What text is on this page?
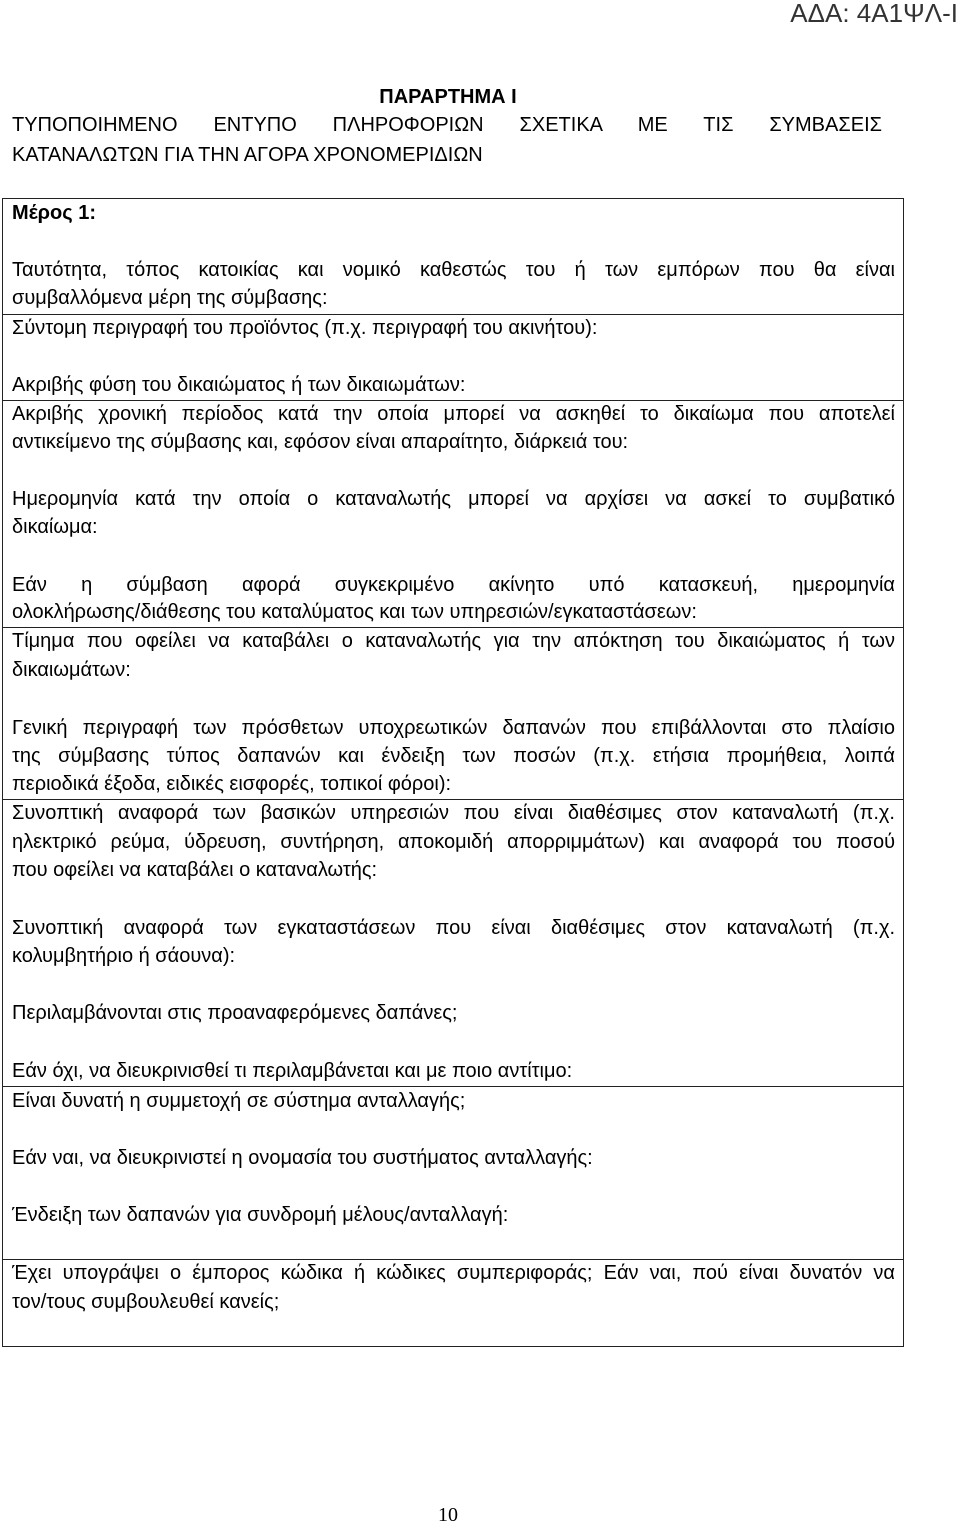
ΑΔΑ: 4Α1ΨΛ-Ι
ΠΑΡΑΡΤΗΜΑ Ι
ΤΥΠΟΠΟΙΗΜΕΝΟ ΕΝΤΥΠΟ ΠΛΗΡΟΦΟΡΙΩΝ ΣΧΕΤΙΚΑ ΜΕ ΤΙΣ ΣΥΜΒΑΣΕΙΣ
ΚΑΤΑΝΑΛΩΤΩΝ ΓΙΑ ΤΗΝ ΑΓΟΡΑ ΧΡΟΝΟΜΕΡΙΔΙΩΝ
Μέρος 1:
Ταυτότητα, τόπος κατοικίας και νομικό καθεστώς του ή των εμπόρων που θα είναι
συμβαλλόμενα μέρη της σύμβασης:
Σύντομη περιγραφή του προϊόντος (π.χ. περιγραφή του ακινήτου):
Ακριβής φύση του δικαιώματος ή των δικαιωμάτων:
Ακριβής χρονική περίοδος κατά την οποία μπορεί να ασκηθεί το δικαίωμα που αποτελεί
αντικείμενο της σύμβασης και, εφόσον είναι απαραίτητο, διάρκειά του:
Ημερομηνία κατά την οποία ο καταναλωτής μπορεί να αρχίσει να ασκεί το συμβατικό
δικαίωμα:
Εάν η σύμβαση αφορά συγκεκριμένο ακίνητο υπό κατασκευή, ημερομηνία
ολοκλήρωσης/διάθεσης του καταλύματος και των υπηρεσιών/εγκαταστάσεων:
Τίμημα που οφείλει να καταβάλει ο καταναλωτής για την απόκτηση του δικαιώματος ή των
δικαιωμάτων:
Γενική περιγραφή των πρόσθετων υποχρεωτικών δαπανών που επιβάλλονται στο πλαίσιο
της σύμβασης τύπος δαπανών και ένδειξη των ποσών (π.χ. ετήσια προμήθεια, λοιπά
περιοδικά έξοδα, ειδικές εισφορές, τοπικοί φόροι):
Συνοπτική αναφορά των βασικών υπηρεσιών που είναι διαθέσιμες στον καταναλωτή (π.χ.
ηλεκτρικό ρεύμα, ύδρευση, συντήρηση, αποκομιδή απορριμμάτων) και αναφορά του ποσού
που οφείλει να καταβάλει ο καταναλωτής:
Συνοπτική αναφορά των εγκαταστάσεων που είναι διαθέσιμες στον καταναλωτή (π.χ.
κολυμβητήριο ή σάουνα):
Περιλαμβάνονται στις προαναφερόμενες δαπάνες;
Εάν όχι, να διευκρινισθεί τι περιλαμβάνεται και με ποιο αντίτιμο:
Είναι δυνατή η συμμετοχή σε σύστημα ανταλλαγής;
Εάν ναι, να διευκρινιστεί η ονομασία του συστήματος ανταλλαγής:
Ένδειξη των δαπανών για συνδρομή μέλους/ανταλλαγή:
Έχει υπογράψει ο έμπορος κώδικα ή κώδικες συμπεριφοράς; Εάν ναι, πού είναι δυνατόν να
τον/τους συμβουλευθεί κανείς;
10
